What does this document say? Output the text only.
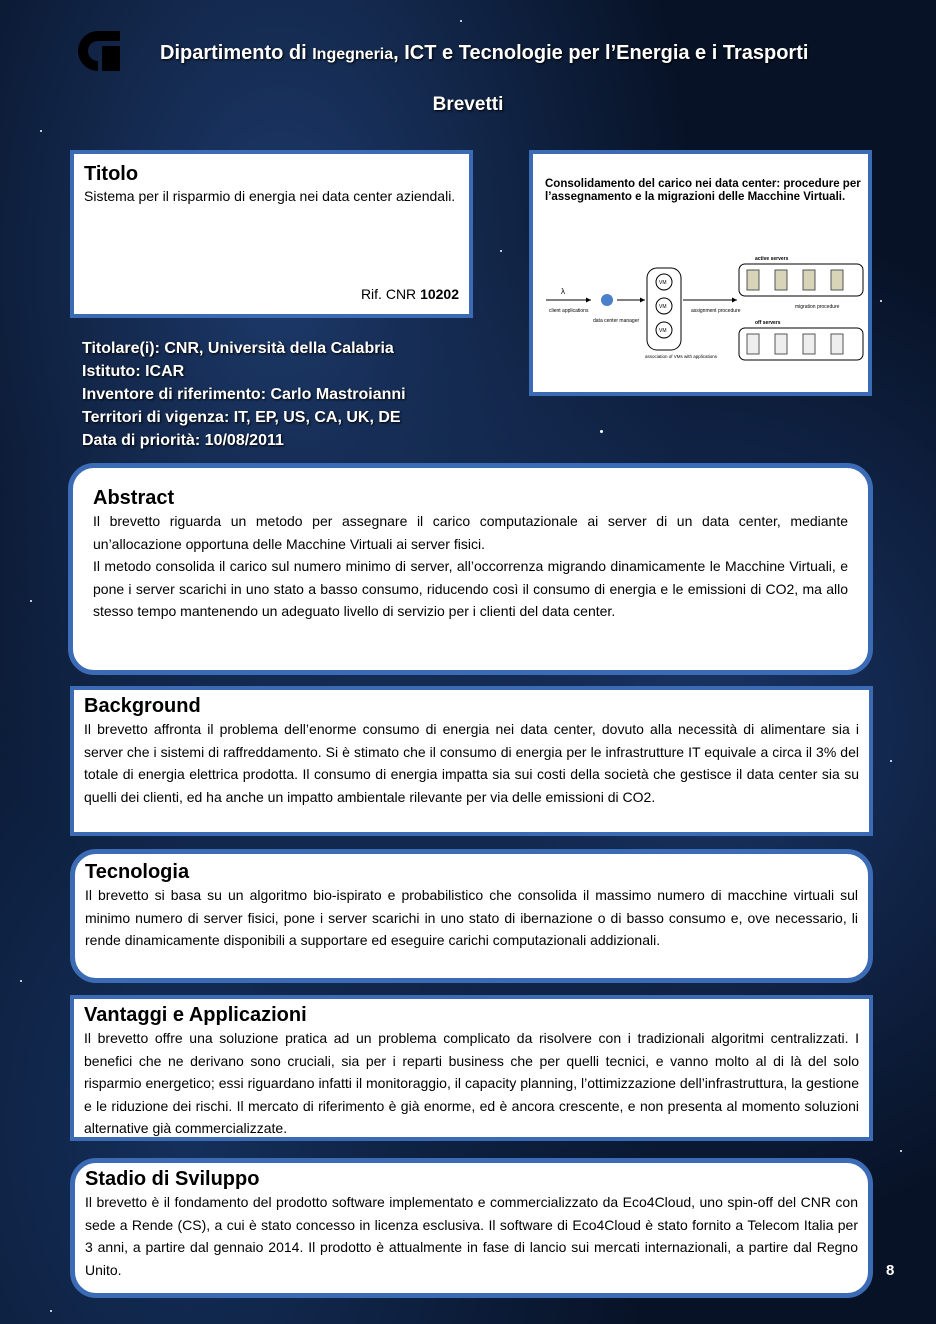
Dipartimento di Ingegneria, ICT e Tecnologie per l’Energia e i Trasporti
Brevetti
Titolo

Sistema per il risparmio di energia nei data center aziendali.

Rif. CNR 10202
Consolidamento del carico nei data center: procedure per l’assegnamento e la migrazioni delle Macchine Virtuali.
λ
client applications
data center manager
VM
VM
VM
association of VMs with applications
assignment procedure
active servers
migration procedure
off servers
Titolare(i): CNR, Università della Calabria
Istituto: ICAR
Inventore di riferimento: Carlo Mastroianni
Territori di vigenza: IT, EP, US, CA, UK, DE
Data di priorità: 10/08/2011
Abstract

Il brevetto riguarda un metodo per assegnare il carico computazionale ai server di un data center, mediante un’allocazione opportuna delle Macchine Virtuali ai server fisici.

Il metodo consolida il carico sul numero minimo di server, all’occorrenza migrando dinamicamente le Macchine Virtuali, e pone i server scarichi in uno stato a basso consumo, riducendo così il consumo di energia e le emissioni di CO2, ma allo stesso tempo mantenendo un adeguato livello di servizio per i clienti del data center.

Background

Il brevetto affronta il problema dell’enorme consumo di energia nei data center, dovuto alla necessità di alimentare sia i server che i sistemi di raffreddamento. Si è stimato che il consumo di energia per le infrastrutture IT equivale a circa il 3% del totale di energia elettrica prodotta. Il consumo di energia impatta sia sui costi della società che gestisce il data center sia su quelli dei clienti, ed ha anche un impatto ambientale rilevante per via delle emissioni di CO2.

Tecnologia

Il brevetto si basa su un algoritmo bio-ispirato e probabilistico che consolida il massimo numero di macchine virtuali sul minimo numero di server fisici, pone i server scarichi in uno stato di ibernazione o di basso consumo e, ove necessario, li rende dinamicamente disponibili a supportare ed eseguire carichi computazionali addizionali.

Vantaggi e Applicazioni

Il brevetto offre una soluzione pratica ad un problema complicato da risolvere con i tradizionali algoritmi centralizzati. I benefici che ne derivano sono cruciali, sia per i reparti business che per quelli tecnici, e vanno molto al di là del solo risparmio energetico; essi riguardano infatti il monitoraggio, il capacity planning, l’ottimizzazione dell’infrastruttura, la gestione e le riduzione dei rischi. Il mercato di riferimento è già enorme, ed è ancora crescente, e non presenta al momento soluzioni alternative già commercializzate.

Stadio di Sviluppo

Il brevetto è il fondamento del prodotto software implementato e commercializzato da Eco4Cloud, uno spin-off del CNR con sede a Rende (CS), a cui è stato concesso in licenza esclusiva. Il software di Eco4Cloud è stato fornito a Telecom Italia per 3 anni, a partire dal gennaio 2014. Il prodotto è attualmente in fase di lancio sui mercati internazionali, a partire dal Regno Unito.	8
